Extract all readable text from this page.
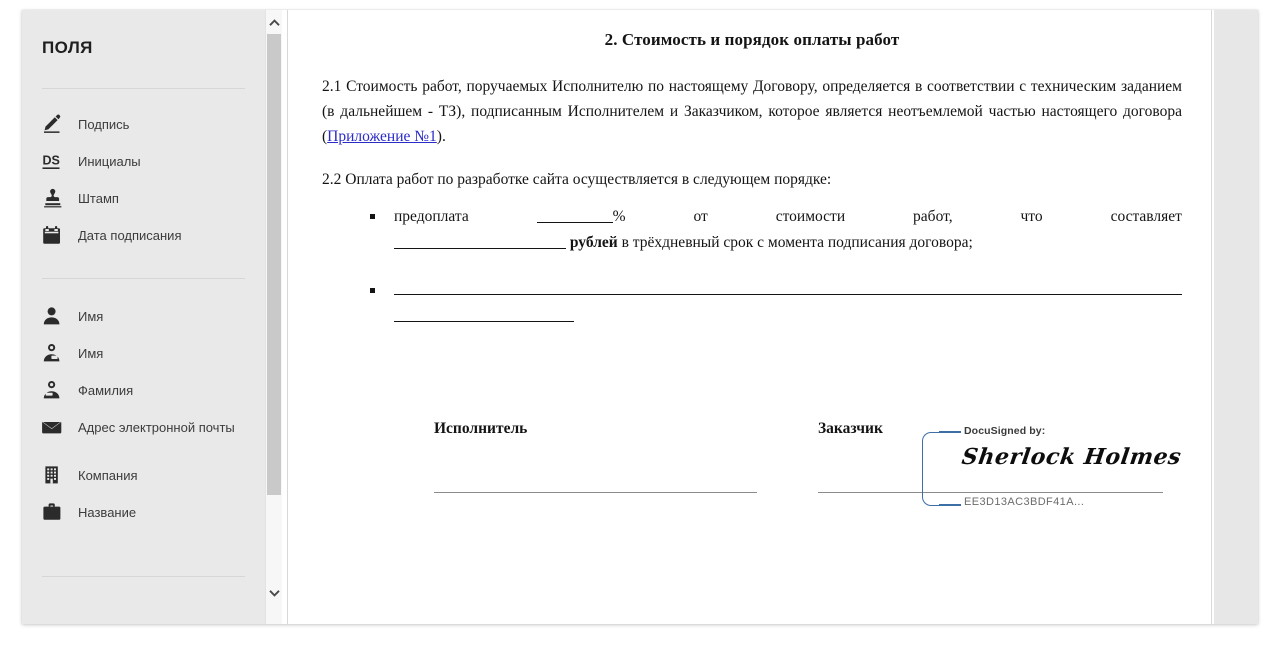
ПОЛЯ
Подпись
DS Инициалы
Штамп
Дата подписания
Имя
Имя
Фамилия
Адрес электронной почты
Компания
Название
2. Стоимость и порядок оплаты работ

2.1 Стоимость работ, поручаемых Исполнителю по настоящему Договору, определяется в соответствии с техническим заданием (в дальнейшем - ТЗ), подписанным Исполнителем и Заказчиком, которое является неотъемлемой частью настоящего договора (Приложение №1).

2.2 Оплата работ по разработке сайта осуществляется в следующем порядке:

предоплата	%	от	стоимости	работ,	что	составляет
рублей в трёхдневный срок с момента подписания договора;

Исполнитель	Заказчик	DocuSigned by:
Sherlock Holmes
EE3D13AC3BDF41A...
